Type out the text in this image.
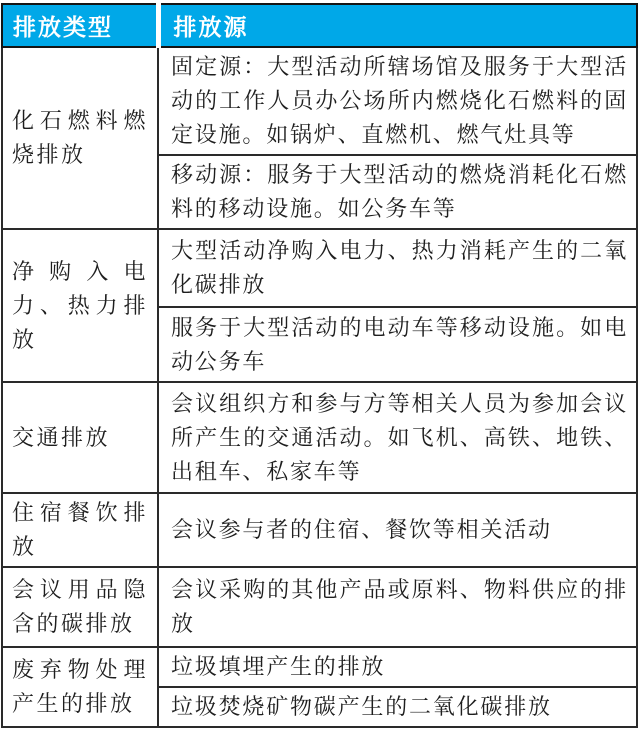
排放类型	排放源
化石燃料燃烧排放	固定源：大型活动所辖场馆及服务于大型活动的工作人员办公场所内燃烧化石燃料的固定设施。如锅炉、直燃机、燃气灶具等
	移动源：服务于大型活动的燃烧消耗化石燃料的移动设施。如公务车等
净购入电力、热力排放	大型活动净购入电力、热力消耗产生的二氧化碳排放
	服务于大型活动的电动车等移动设施。如电动公务车
交通排放	会议组织方和参与方等相关人员为参加会议所产生的交通活动。如飞机、高铁、地铁、出租车、私家车等
住宿餐饮排放	会议参与者的住宿、餐饮等相关活动
会议用品隐含的碳排放	会议采购的其他产品或原料、物料供应的排放
废弃物处理产生的排放	垃圾填埋产生的排放
	垃圾焚烧矿物碳产生的二氧化碳排放
